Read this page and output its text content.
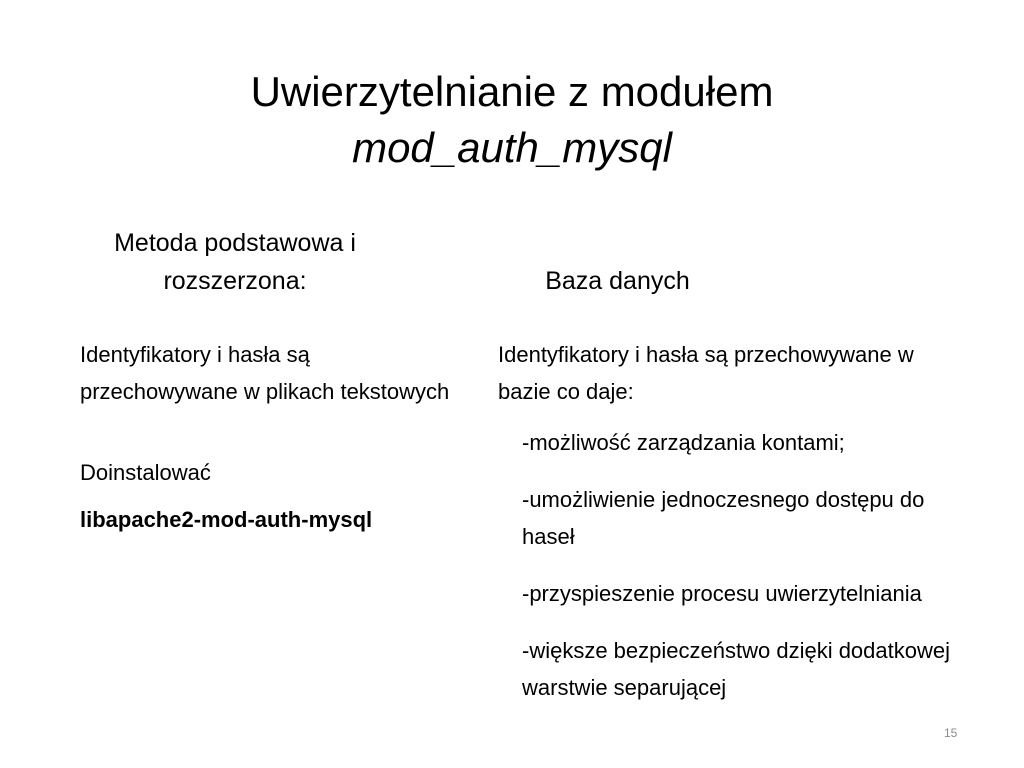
Uwierzytelnianie z modułem
mod_auth_mysql
Metoda podstawowa i rozszerzona:	Baza danych

Identyfikatory i hasła są przechowywane w plikach tekstowych

Doinstalować

libapache2-mod-auth-mysql

Identyfikatory i hasła są przechowywane w bazie co daje:

-możliwość zarządzania kontami;
-umożliwienie jednoczesnego dostępu do haseł
-przyspieszenie procesu uwierzytelniania
-większe bezpieczeństwo dzięki dodatkowej warstwie separującej
15
